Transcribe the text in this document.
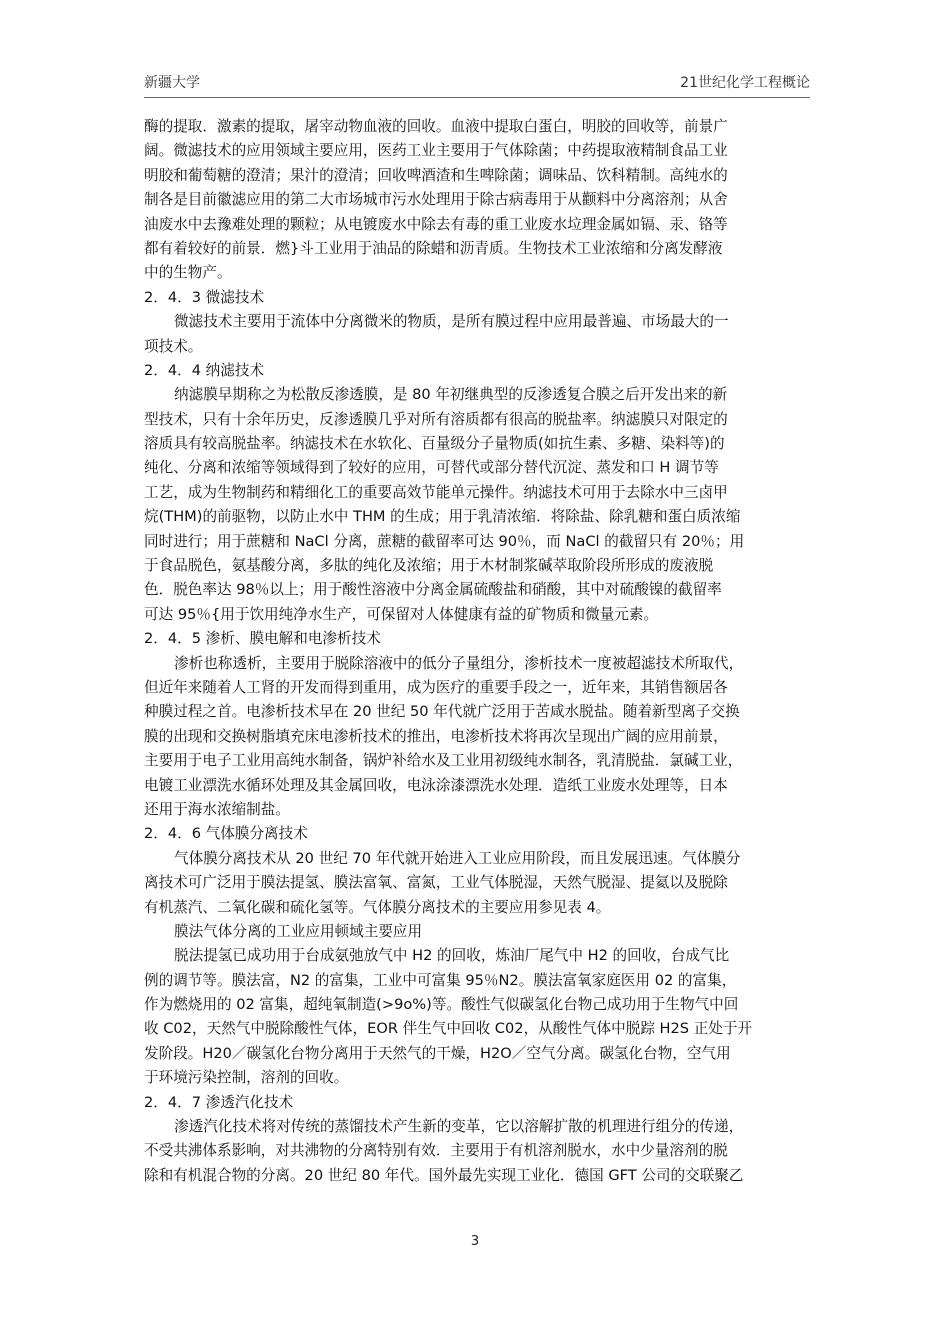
新疆大学	21世纪化学工程概论
酶的提取．激素的提取，屠宰动物血液的回收。血液中提取白蛋白，明胶的回收等，前景广
阔。微滤技术的应用领域主要应用，医药工业主要用于气体除菌；中药提取液精制食品工业
明胶和葡萄糖的澄清；果汁的澄清；回收啤酒渣和生啤除菌；调味品、饮科精制。高纯水的
制各是目前徽滤应用的第二大市场城市污水处理用于除古病毒用于从颧料中分离溶剂；从舍
油废水中去豫难处理的颗粒；从电镀废水中除去有毒的重工业废水垃理金属如镉、汞、铬等
都有着较好的前景．燃}斗工业用于油品的除蜡和沥青质。生物技术工业浓缩和分离发酵液
中的生物产。
2．4．3 微滤技术
微滤技术主要用于流体中分离微米的物质，是所有膜过程中应用最普遍、市场最大的一
项技术。
2．4．4 纳滤技术
纳滤膜早期称之为松散反渗透膜，是 80 年初继典型的反渗透复合膜之后开发出来的新
型技术，只有十余年历史，反渗透膜几乎对所有溶质都有很高的脱盐率。纳滤膜只对限定的
溶质具有较高脱盐率。纳滤技术在水软化、百量级分子量物质(如抗生素、多糖、染料等)的
纯化、分离和浓缩等领域得到了较好的应用，可替代或部分替代沉淀、蒸发和口 H 调节等
工艺，成为生物制药和精细化工的重要高效节能单元操件。纳滤技术可用于去除水中三卤甲
烷(THM)的前驱物，以防止水中 THM 的生成；用于乳清浓缩．将除盐、除乳糖和蛋白质浓缩
同时进行；用于蔗糖和 NaCl 分离，蔗糖的截留率可达 90％，而 NaCl 的截留只有 20％；用
于食品脱色，氨基酸分离，多肽的纯化及浓缩；用于木材制浆碱萃取阶段所形成的废液脱
色．脱色率达 98％以上；用于酸性溶液中分离金属硫酸盐和硝酸，其中对硫酸镍的截留率
可达 95％{用于饮用纯净水生产，可保留对人体健康有益的矿物质和微量元素。
2．4．5 渗析、膜电解和电渗析技术
渗析也称透析，主要用于脱除溶液中的低分子量组分，渗析技术一度被超滤技术所取代，
但近年来随着人工肾的开发而得到重用，成为医疗的重要手段之一，近年来，其销售额居各
种膜过程之首。电渗析技术早在 20 世纪 50 年代就广泛用于苦咸水脱盐。随着新型离子交换
膜的出现和交换树脂填充床电渗析技术的推出，电渗析技术将再次呈现出广阔的应用前景，
主要用于电子工业用高纯水制备，锅炉补给水及工业用初级纯水制各，乳清脱盐．氯碱工业，
电镀工业漂洗水循环处理及其金属回收，电泳涂漆漂洗水处理．造纸工业废水处理等，日本
还用于海水浓缩制盐。
2．4．6 气体膜分离技术
气体膜分离技术从 20 世纪 70 年代就开始进入工业应用阶段，而且发展迅速。气体膜分
离技术可广泛用于膜法提氢、膜法富氧、富氮，工业气体脱湿，天然气脱湿、提氦以及脱除
有机蒸汽、二氧化碳和硫化氢等。气体膜分离技术的主要应用参见表 4。
膜法气体分离的工业应用顿域主要应用
脱法提氢已成功用于台成氨弛放气中 H2 的回收，炼油厂尾气中 H2 的回收，台成气比
例的调节等。膜法富，N2 的富集，工业中可富集 95％N2。膜法富氧家庭医用 02 的富集，
作为燃烧用的 02 富集，超纯氧制造(>9o%)等。酸性气似碳氢化台物己成功用于生物气中回
收 C02，天然气中脱除酸性气体，EOR 伴生气中回收 C02，从酸性气体中脱踪 H2S 正处于开
发阶段。H20／碳氢化台物分离用于天然气的干燥，H2O／空气分离。碳氢化台物，空气用
于环境污染控制，溶剂的回收。
2．4．7 渗透汽化技术
渗透汽化技术将对传统的蒸馏技术产生新的变革，它以溶解扩散的机理进行组分的传递，
不受共沸体系影响，对共沸物的分离特别有效．主要用于有机溶剂脱水，水中少量溶剂的脱
除和有机混合物的分离。20 世纪 80 年代。国外最先实现工业化．德国 GFT 公司的交联聚乙
3
